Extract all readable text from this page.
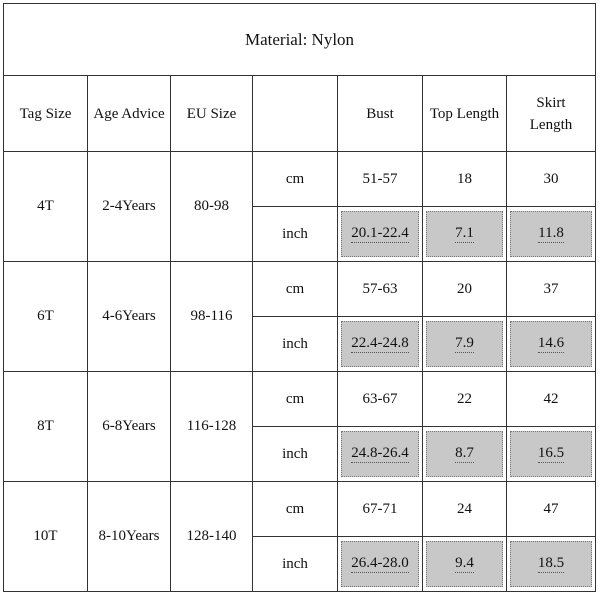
Material: Nylon						
Tag Size	Age Advice	EU Size		Bust	Top Length	Skirt Length
4T	2-4Years	80-98	cm	51-57	18	30
			inch	20.1-22.4	7.1	11.8

6T	4-6Years	98-116	cm	57-63	20	37
			inch	22.4-24.8	7.9	14.6

8T	6-8Years	116-128	cm	63-67	22	42
			inch	24.8-26.4	8.7	16.5

10T	8-10Years	128-140	cm	67-71	24	47
			inch	26.4-28.0	9.4	18.5
